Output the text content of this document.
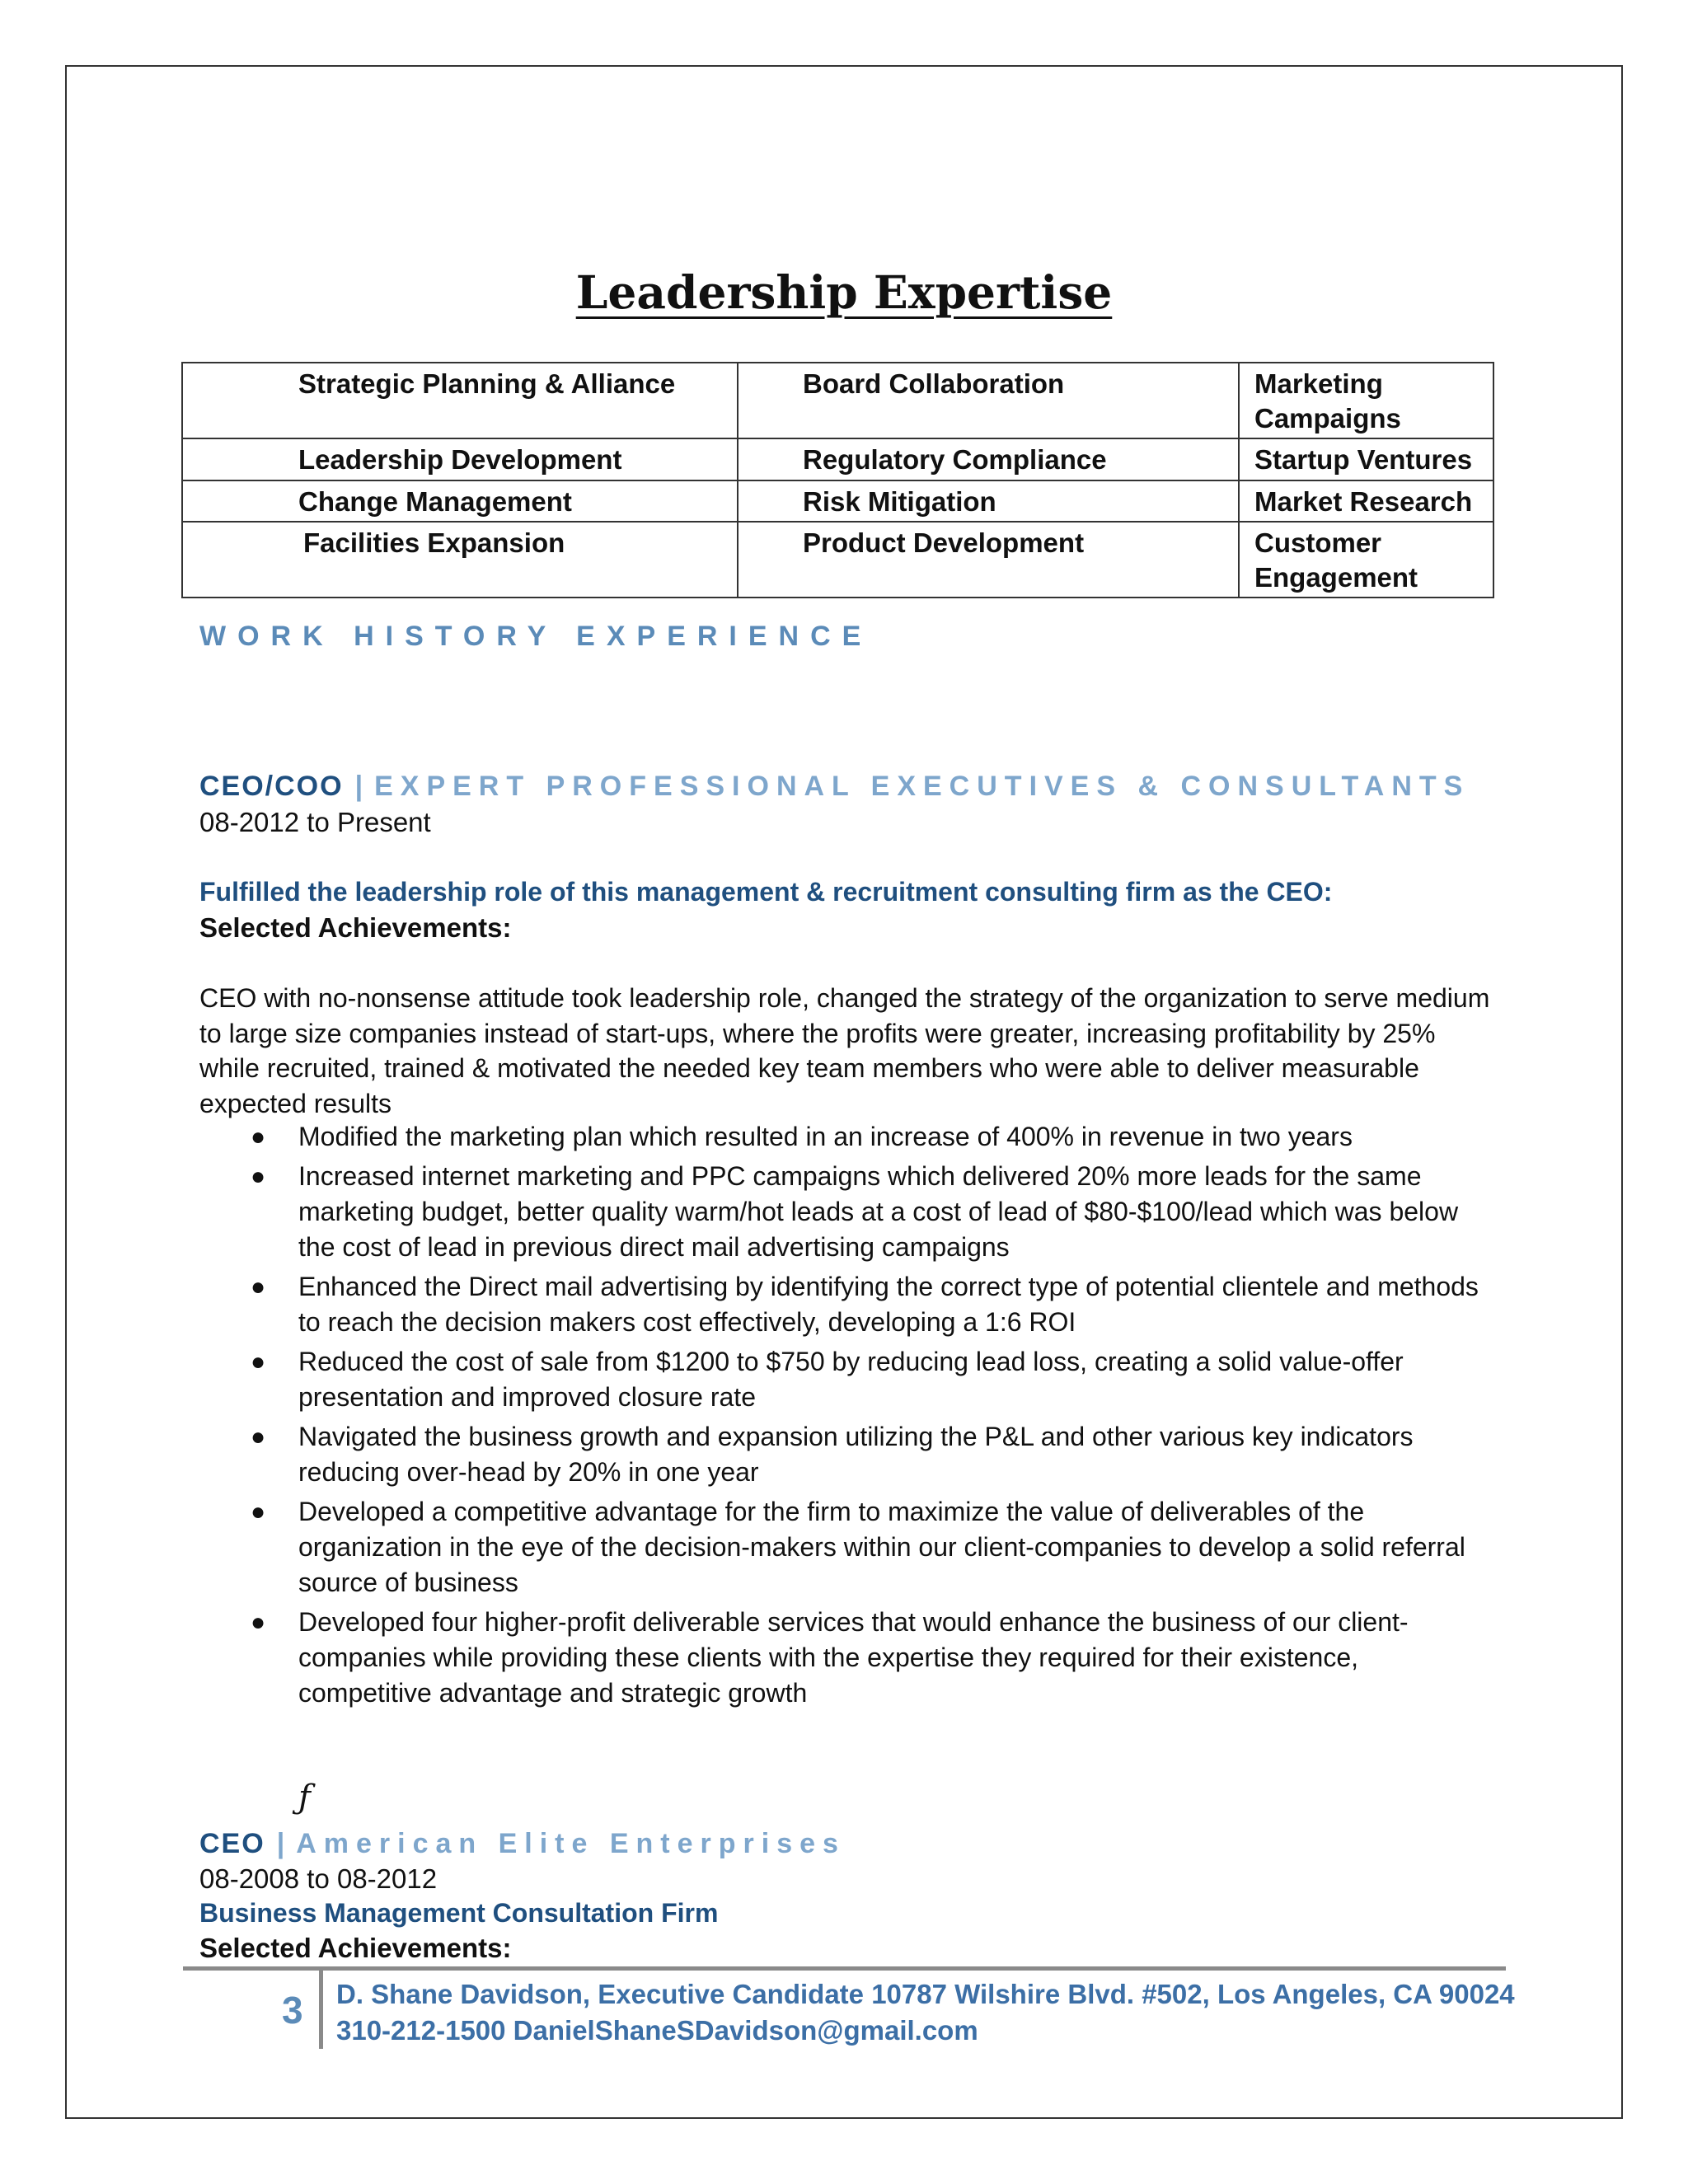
Leadership Expertise
Strategic Planning & Alliance	Board Collaboration	Marketing Campaigns
Leadership Development	Regulatory Compliance	Startup Ventures
Change Management	Risk Mitigation	Market Research
Facilities Expansion	Product Development	Customer Engagement
WORK HISTORY EXPERIENCE
CEO/COO | EXPERT PROFESSIONAL EXECUTIVES & CONSULTANTS
08-2012 to Present
Fulfilled the leadership role of this management & recruitment consulting firm as the CEO:
Selected Achievements:
CEO with no-nonsense attitude took leadership role, changed the strategy of the organization to serve medium to large size companies instead of start-ups, where the profits were greater, increasing profitability by 25% while recruited, trained & motivated the needed key team members who were able to deliver measurable expected results
● Modified the marketing plan which resulted in an increase of 400% in revenue in two years
● Increased internet marketing and PPC campaigns which delivered 20% more leads for the same marketing budget, better quality warm/hot leads at a cost of lead of $80-$100/lead which was below the cost of lead in previous direct mail advertising campaigns
● Enhanced the Direct mail advertising by identifying the correct type of potential clientele and methods to reach the decision makers cost effectively, developing a 1:6 ROI
● Reduced the cost of sale from $1200 to $750 by reducing lead loss, creating a solid value-offer presentation and improved closure rate
● Navigated the business growth and expansion utilizing the P&L and other various key indicators reducing over-head by 20% in one year
● Developed a competitive advantage for the firm to maximize the value of deliverables of the organization in the eye of the decision-makers within our client-companies to develop a solid referral source of business
● Developed four higher-profit deliverable services that would enhance the business of our client-companies while providing these clients with the expertise they required for their existence, competitive advantage and strategic growth
ƒ
CEO | American Elite Enterprises
08-2008 to 08-2012
Business Management Consultation Firm
Selected Achievements:
3 D. Shane Davidson, Executive Candidate 10787 Wilshire Blvd. #502, Los Angeles, CA 90024
310-212-1500 DanielShaneSDavidson@gmail.com
